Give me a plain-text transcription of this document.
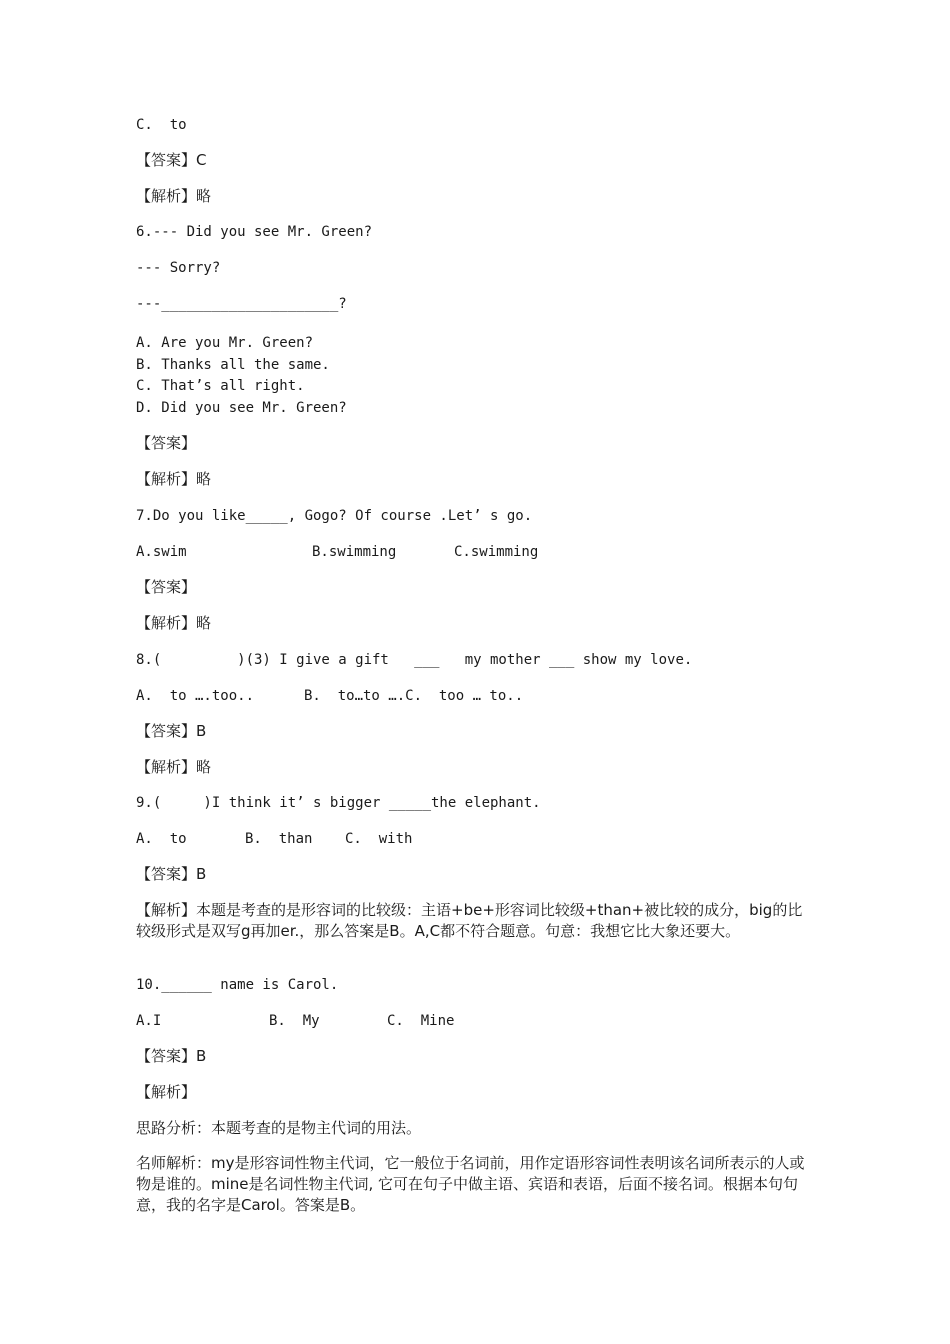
C.  to

【答案】C

【解析】略

6.--- Did you see Mr. Green?

--- Sorry?

---_____________________?

A. Are you Mr. Green?

B. Thanks all the same.

C. That’s all right.

D. Did you see Mr. Green?

【答案】

【解析】略

7.Do you like_____, Gogo? Of course .Let’ s go.

A.swim	B.swimming	C.swimming

【答案】

【解析】略

8.(         )(3) I give a gift   ___   my mother ___ show my love.

A.  to ….too..	B.  to…to ….C.  too … to..

【答案】B

【解析】略

9.(     )I think it’ s bigger _____the elephant.

A.  to	B.  than C.  with

【答案】B

【解析】本题是考查的是形容词的比较级：主语+be+形容词比较级+than+被比较的成分，big的比较级形式是双写g再加er.，那么答案是B。A,C都不符合题意。句意：我想它比大象还要大。

10.______ name is Carol.

A.I	B.  My	C.  Mine

【答案】B

【解析】

思路分析：本题考查的是物主代词的用法。

名师解析：my是形容词性物主代词，它一般位于名词前，用作定语形容词性表明该名词所表示的人或物是谁的。mine是名词性物主代词, 它可在句子中做主语、宾语和表语，后面不接名词。根据本句句意，我的名字是Carol。答案是B。
